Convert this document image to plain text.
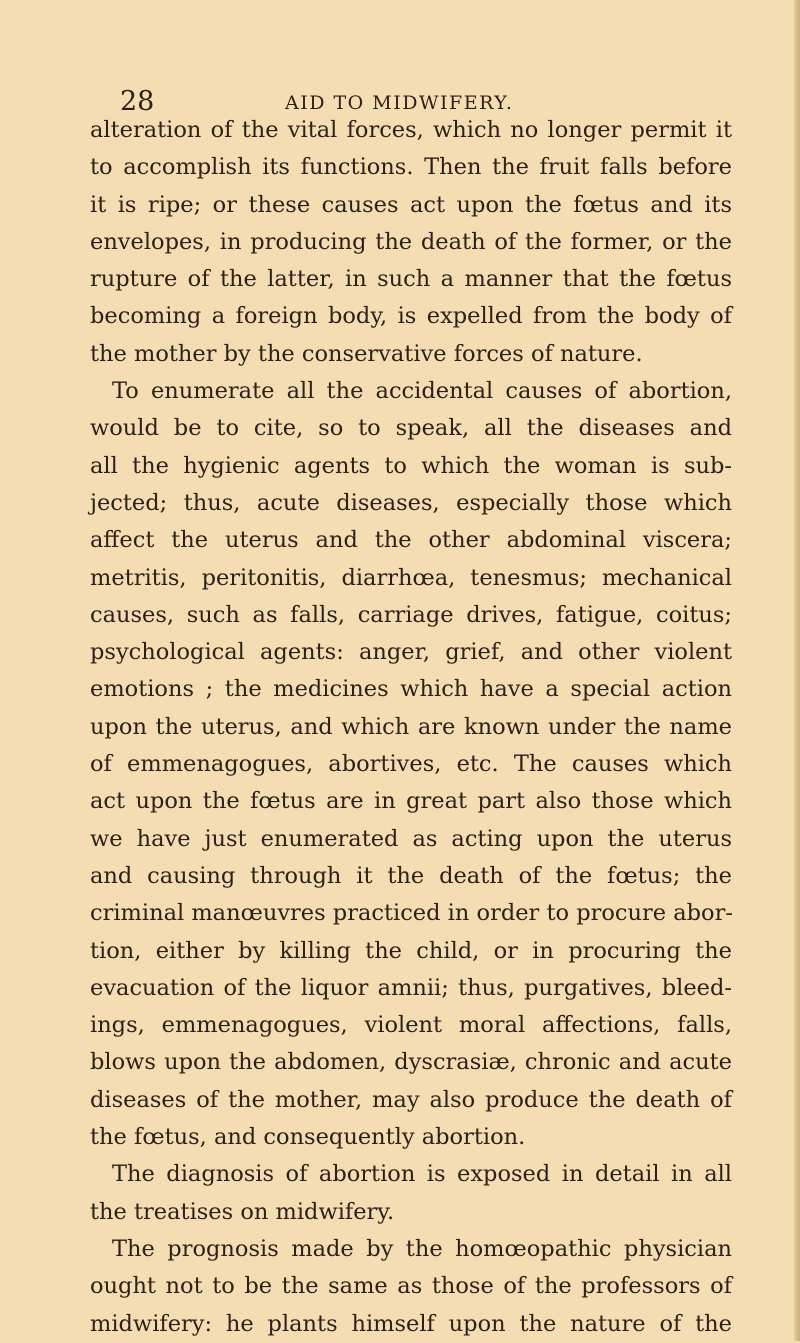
28	AID TO MIDWIFERY.
alteration of the vital forces, which no longer permit it
to accomplish its functions. Then the fruit falls before
it is ripe; or these causes act upon the fœtus and its
envelopes, in producing the death of the former, or the
rupture of the latter, in such a manner that the fœtus
becoming a foreign body, is expelled from the body of
the mother by the conservative forces of nature.
To enumerate all the accidental causes of abortion,
would be to cite, so to speak, all the diseases and
all the hygienic agents to which the woman is sub-
jected; thus, acute diseases, especially those which
affect the uterus and the other abdominal viscera;
metritis, peritonitis, diarrhœa, tenesmus; mechanical
causes, such as falls, carriage drives, fatigue, coitus;
psychological agents: anger, grief, and other violent
emotions ; the medicines which have a special action
upon the uterus, and which are known under the name
of emmenagogues, abortives, etc. The causes which
act upon the fœtus are in great part also those which
we have just enumerated as acting upon the uterus
and causing through it the death of the fœtus; the
criminal manœuvres practiced in order to procure abor-
tion, either by killing the child, or in procuring the
evacuation of the liquor amnii; thus, purgatives, bleed-
ings, emmenagogues, violent moral affections, falls,
blows upon the abdomen, dyscrasiæ, chronic and acute
diseases of the mother, may also produce the death of
the fœtus, and consequently abortion.
The diagnosis of abortion is exposed in detail in all
the treatises on midwifery.
The prognosis made by the homœopathic physician
ought not to be the same as those of the professors of
midwifery: he plants himself upon the nature of the
